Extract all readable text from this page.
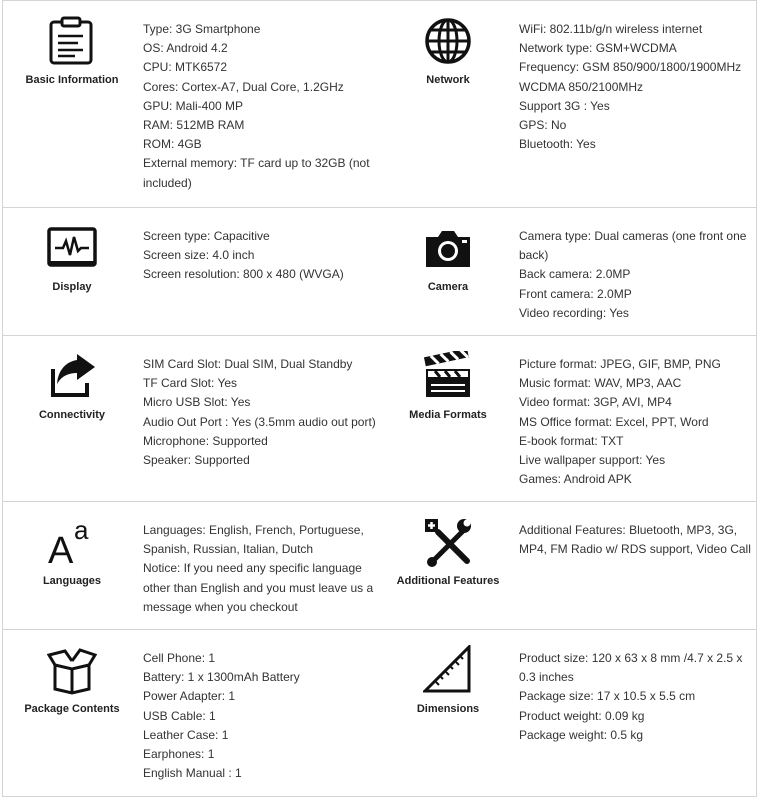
Basic Information
Type: 3G Smartphone
OS: Android 4.2
CPU: MTK6572
Cores: Cortex-A7, Dual Core, 1.2GHz
GPU: Mali-400 MP
RAM: 512MB RAM
ROM: 4GB
External memory: TF card up to 32GB (not included)
Network
WiFi: 802.11b/g/n wireless internet
Network type: GSM+WCDMA
Frequency: GSM 850/900/1800/1900MHz
WCDMA 850/2100MHz
Support 3G : Yes
GPS: No
Bluetooth: Yes
Display
Screen type: Capacitive
Screen size: 4.0 inch
Screen resolution: 800 x 480 (WVGA)
Camera
Camera type: Dual cameras (one front one back)
Back camera: 2.0MP
Front camera: 2.0MP
Video recording: Yes
Connectivity
SIM Card Slot: Dual SIM, Dual Standby
TF Card Slot: Yes
Micro USB Slot: Yes
Audio Out Port : Yes (3.5mm audio out port)
Microphone: Supported
Speaker: Supported
Media Formats
Picture format: JPEG, GIF, BMP, PNG
Music format: WAV, MP3, AAC
Video format: 3GP, AVI, MP4
MS Office format: Excel, PPT, Word
E-book format: TXT
Live wallpaper support: Yes
Games: Android APK
A a
Languages
Languages: English, French, Portuguese, Spanish, Russian, Italian, Dutch
Notice: If you need any specific language other than English and you must leave us a message when you checkout
Additional Features
Additional Features: Bluetooth, MP3, 3G, MP4, FM Radio w/ RDS support, Video Call
Package Contents
Cell Phone: 1
Battery: 1 x 1300mAh Battery
Power Adapter: 1
USB Cable: 1
Leather Case: 1
Earphones: 1
English Manual : 1
Dimensions
Product size: 120 x 63 x 8 mm /4.7 x 2.5 x 0.3 inches
Package size: 17 x 10.5 x 5.5 cm
Product weight: 0.09 kg
Package weight: 0.5 kg
